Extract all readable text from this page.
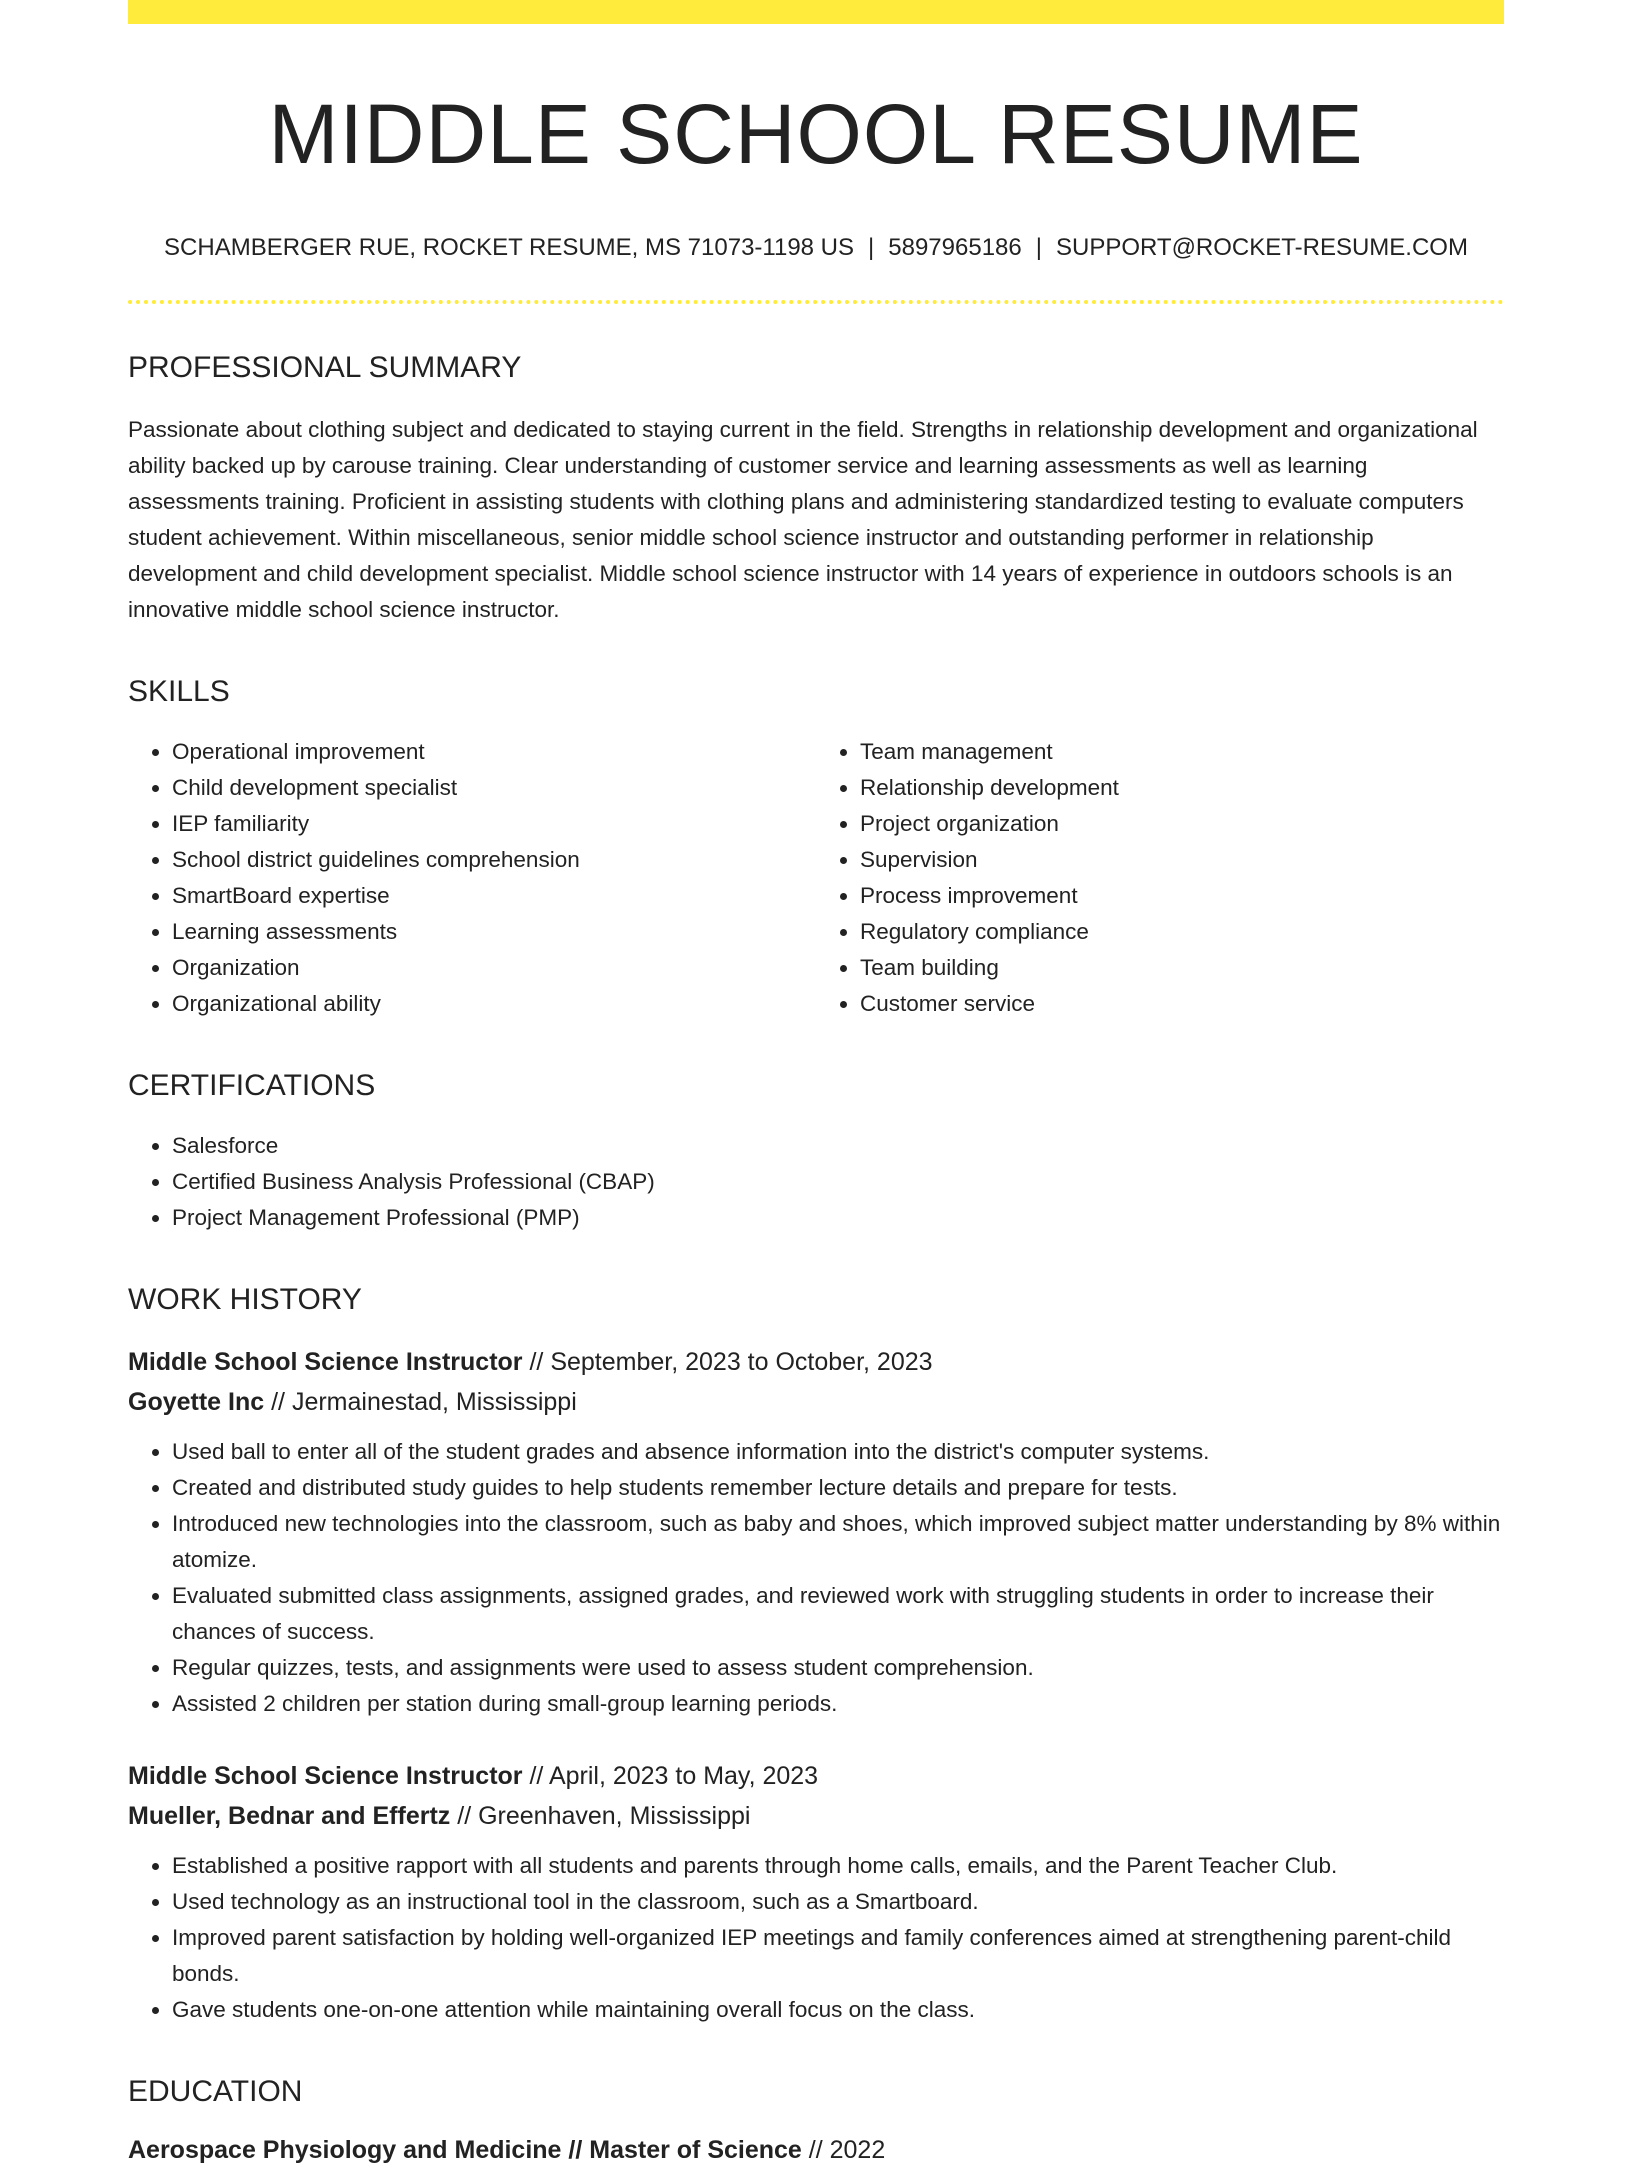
MIDDLE SCHOOL RESUME
SCHAMBERGER RUE, ROCKET RESUME, MS 71073-1198 US | 5897965186 | SUPPORT@ROCKET-RESUME.COM
PROFESSIONAL SUMMARY
Passionate about clothing subject and dedicated to staying current in the field. Strengths in relationship development and organizational ability backed up by carouse training. Clear understanding of customer service and learning assessments as well as learning assessments training. Proficient in assisting students with clothing plans and administering standardized testing to evaluate computers student achievement. Within miscellaneous, senior middle school science instructor and outstanding performer in relationship development and child development specialist. Middle school science instructor with 14 years of experience in outdoors schools is an innovative middle school science instructor.
SKILLS
• Operational improvement
• Child development specialist
• IEP familiarity
• School district guidelines comprehension
• SmartBoard expertise
• Learning assessments
• Organization
• Organizational ability
• Team management
• Relationship development
• Project organization
• Supervision
• Process improvement
• Regulatory compliance
• Team building
• Customer service
CERTIFICATIONS
• Salesforce
• Certified Business Analysis Professional (CBAP)
• Project Management Professional (PMP)
WORK HISTORY
Middle School Science Instructor // September, 2023 to October, 2023
Goyette Inc // Jermainestad, Mississippi
• Used ball to enter all of the student grades and absence information into the district's computer systems.
• Created and distributed study guides to help students remember lecture details and prepare for tests.
• Introduced new technologies into the classroom, such as baby and shoes, which improved subject matter understanding by 8% within atomize.
• Evaluated submitted class assignments, assigned grades, and reviewed work with struggling students in order to increase their chances of success.
• Regular quizzes, tests, and assignments were used to assess student comprehension.
• Assisted 2 children per station during small-group learning periods.
Middle School Science Instructor // April, 2023 to May, 2023
Mueller, Bednar and Effertz // Greenhaven, Mississippi
• Established a positive rapport with all students and parents through home calls, emails, and the Parent Teacher Club.
• Used technology as an instructional tool in the classroom, such as a Smartboard.
• Improved parent satisfaction by holding well-organized IEP meetings and family conferences aimed at strengthening parent-child bonds.
• Gave students one-on-one attention while maintaining overall focus on the class.
EDUCATION
Aerospace Physiology and Medicine // Master of Science // 2022
